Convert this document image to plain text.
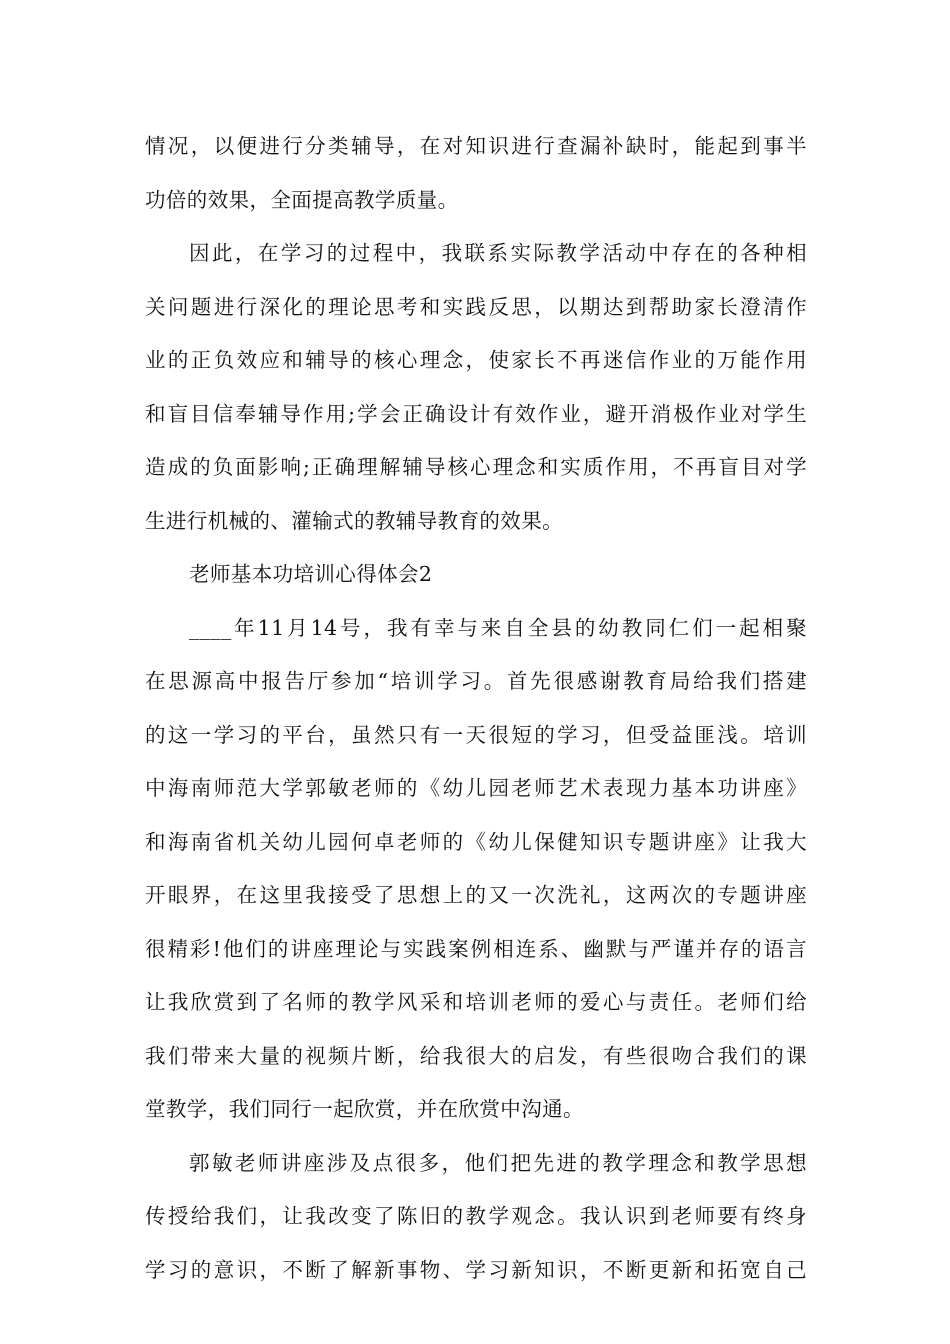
情况，以便进行分类辅导，在对知识进行查漏补缺时，能起到事半
功倍的效果，全面提高教学质量。
因此，在学习的过程中，我联系实际教学活动中存在的各种相
关问题进行深化的理论思考和实践反思，以期达到帮助家长澄清作
业的正负效应和辅导的核心理念，使家长不再迷信作业的万能作用
和盲目信奉辅导作用;学会正确设计有效作业，避开消极作业对学生
造成的负面影响;正确理解辅导核心理念和实质作用，不再盲目对学
生进行机械的、灌输式的教辅导教育的效果。
老师基本功培训心得体会2
____年11月14号，我有幸与来自全县的幼教同仁们一起相聚
在思源高中报告厅参加“培训学习。首先很感谢教育局给我们搭建
的这一学习的平台，虽然只有一天很短的学习，但受益匪浅。培训
中海南师范大学郭敏老师的《幼儿园老师艺术表现力基本功讲座》
和海南省机关幼儿园何卓老师的《幼儿保健知识专题讲座》让我大
开眼界，在这里我接受了思想上的又一次洗礼，这两次的专题讲座
很精彩!他们的讲座理论与实践案例相连系、幽默与严谨并存的语言
让我欣赏到了名师的教学风采和培训老师的爱心与责任。老师们给
我们带来大量的视频片断，给我很大的启发，有些很吻合我们的课
堂教学，我们同行一起欣赏，并在欣赏中沟通。
郭敏老师讲座涉及点很多，他们把先进的教学理念和教学思想
传授给我们，让我改变了陈旧的教学观念。我认识到老师要有终身
学习的意识，不断了解新事物、学习新知识，不断更新和拓宽自己
